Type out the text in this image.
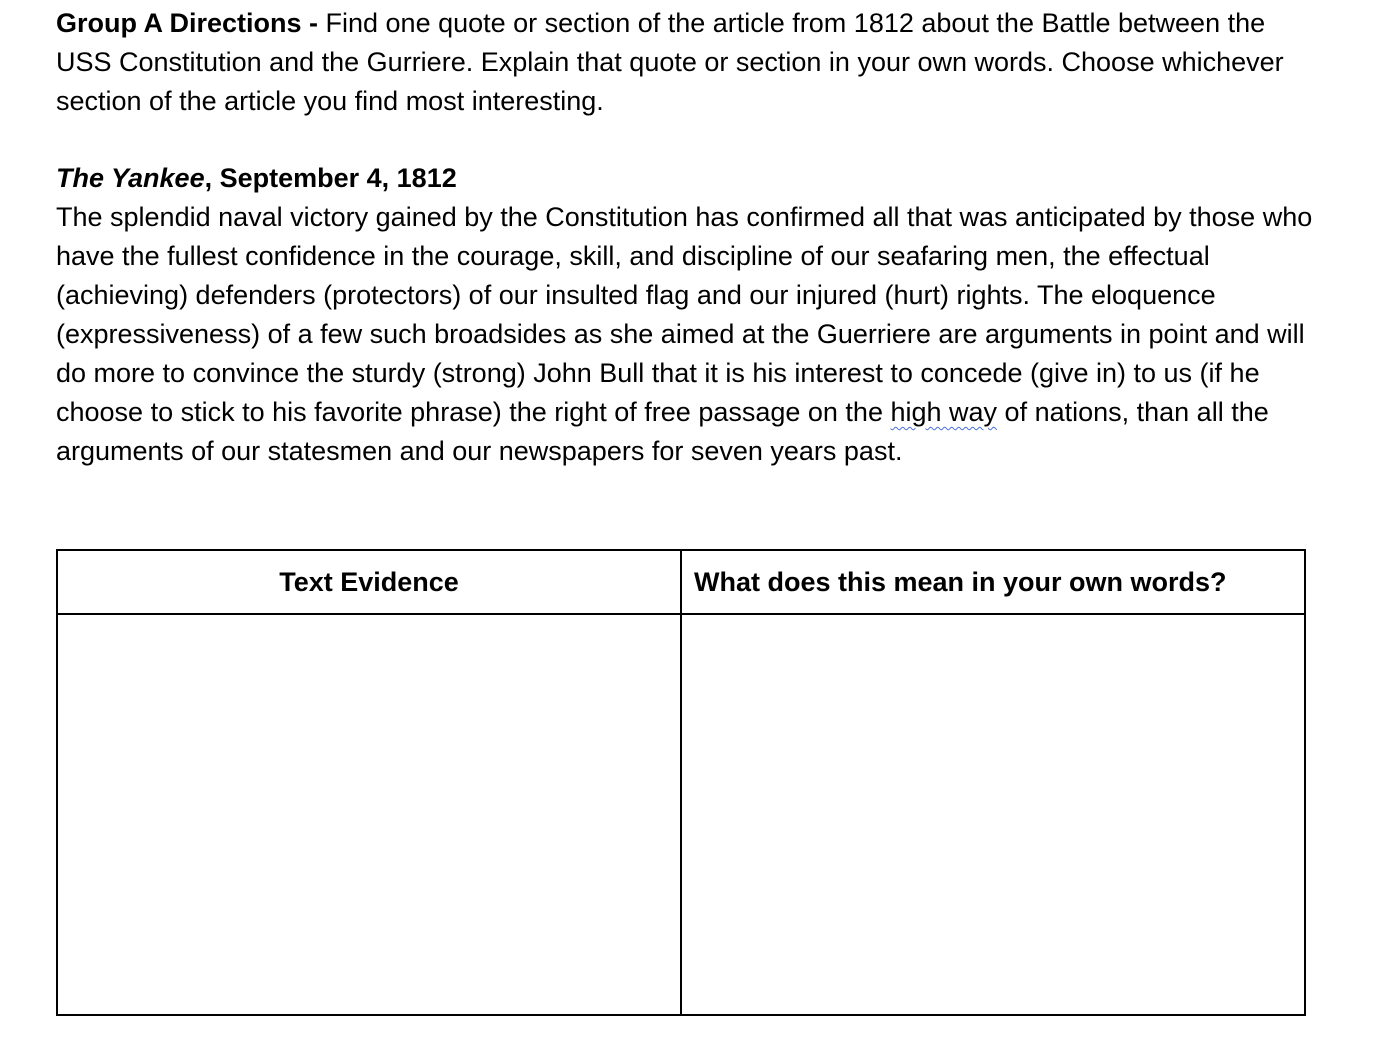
Group A Directions - Find one quote or section of the article from 1812 about the Battle between the USS Constitution and the Gurriere. Explain that quote or section in your own words. Choose whichever section of the article you find most interesting.

The Yankee, September 4, 1812

The splendid naval victory gained by the Constitution has confirmed all that was anticipated by those who have the fullest confidence in the courage, skill, and discipline of our seafaring men, the effectual (achieving) defenders (protectors) of our insulted flag and our injured (hurt) rights. The eloquence (expressiveness) of a few such broadsides as she aimed at the Guerriere are arguments in point and will do more to convince the sturdy (strong) John Bull that it is his interest to concede (give in) to us (if he choose to stick to his favorite phrase) the right of free passage on the high way of nations, than all the arguments of our statesmen and our newspapers for seven years past.

Text Evidence	What does this mean in your own words?
